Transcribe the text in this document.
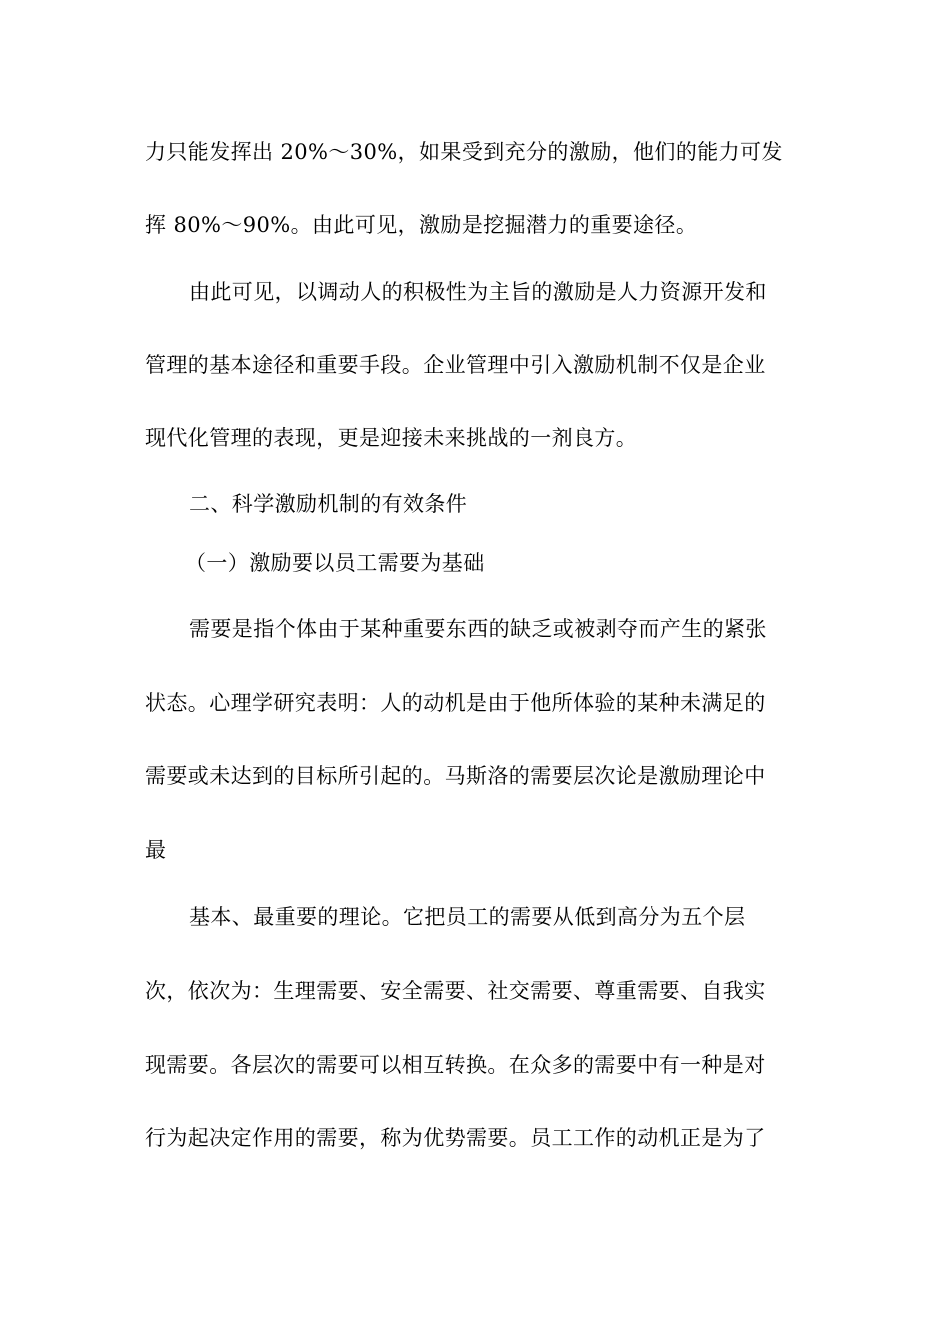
力只能发挥出 20%～30%，如果受到充分的激励，他们的能力可发
挥 80%～90%。由此可见，激励是挖掘潜力的重要途径。
由此可见，以调动人的积极性为主旨的激励是人力资源开发和
管理的基本途径和重要手段。企业管理中引入激励机制不仅是企业
现代化管理的表现，更是迎接未来挑战的一剂良方。
二、科学激励机制的有效条件
（一）激励要以员工需要为基础
需要是指个体由于某种重要东西的缺乏或被剥夺而产生的紧张
状态。心理学研究表明：人的动机是由于他所体验的某种未满足的
需要或未达到的目标所引起的。马斯洛的需要层次论是激励理论中
最
基本、最重要的理论。它把员工的需要从低到高分为五个层
次，依次为：生理需要、安全需要、社交需要、尊重需要、自我实
现需要。各层次的需要可以相互转换。在众多的需要中有一种是对
行为起决定作用的需要，称为优势需要。员工工作的动机正是为了
